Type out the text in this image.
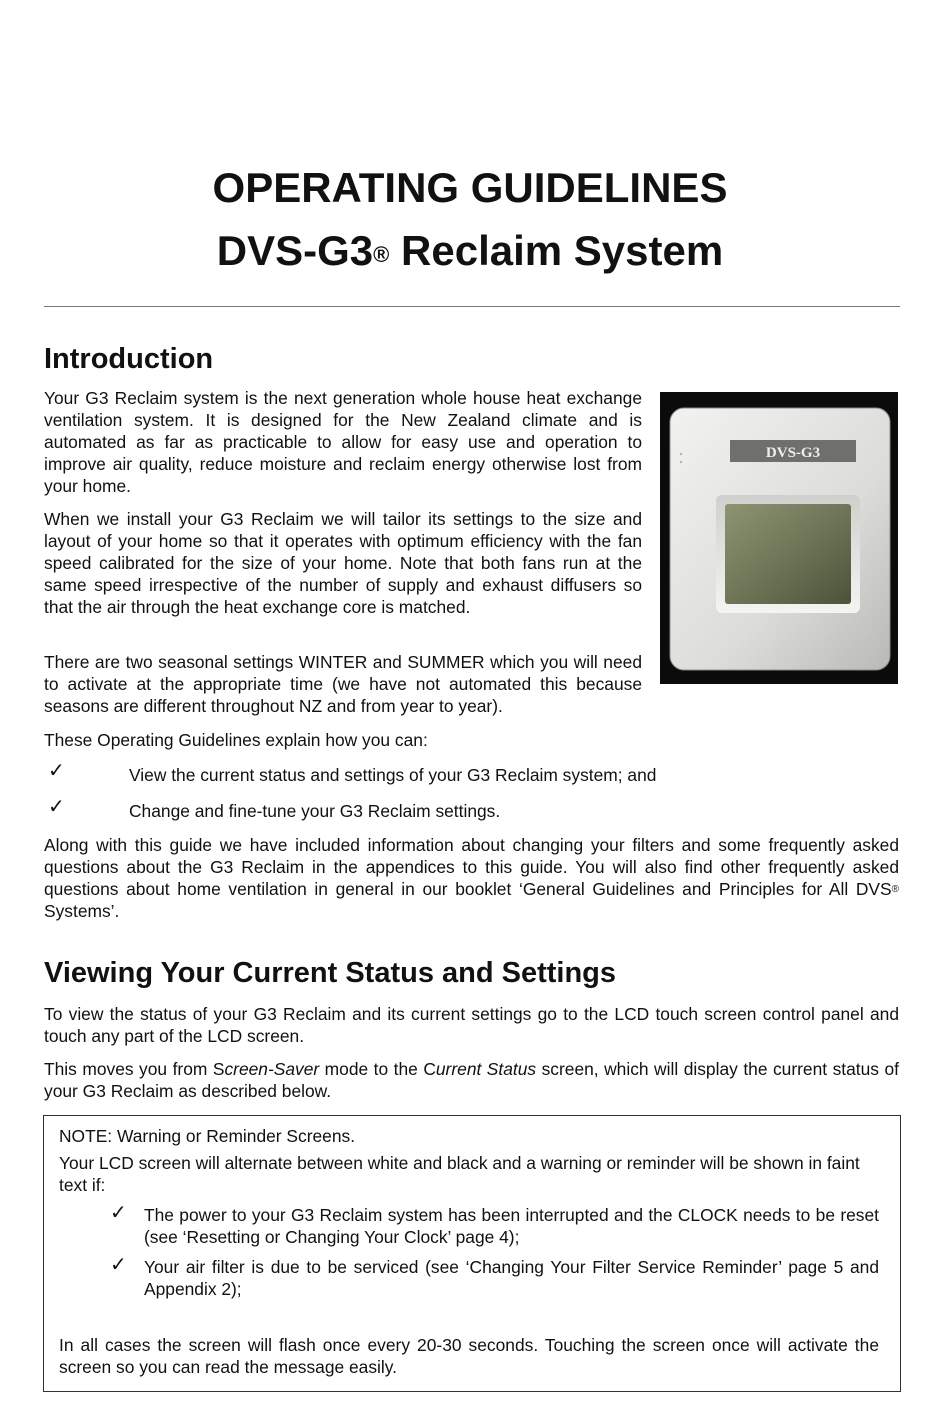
OPERATING GUIDELINES
DVS-G3® Reclaim System
Introduction

Your G3 Reclaim system is the next generation whole house heat exchange ventilation system. It is designed for the New Zealand climate and is automated as far as practicable to allow for easy use and operation to improve air quality, reduce moisture and reclaim energy otherwise lost from your home.

When we install your G3 Reclaim we will tailor its settings to the size and layout of your home so that it operates with optimum efficiency with the fan speed calibrated for the size of your home. Note that both fans run at the same speed irrespective of the number of supply and exhaust diffusers so that the air through the heat exchange core is matched.

There are two seasonal settings WINTER and SUMMER which you will need to activate at the appropriate time (we have not automated this because seasons are different throughout NZ and from year to year).

These Operating Guidelines explain how you can:

✓	View the current status and settings of your G3 Reclaim system; and
✓	Change and fine-tune your G3 Reclaim settings.

Along with this guide we have included information about changing your filters and some frequently asked questions about the G3 Reclaim in the appendices to this guide. You will also find other frequently asked questions about home ventilation in general in our booklet ‘General Guidelines and Principles for All DVS® Systems’.

DVS-G3
Viewing Your Current Status and Settings

To view the status of your G3 Reclaim and its current settings go to the LCD touch screen control panel and touch any part of the LCD screen.

This moves you from Screen-Saver mode to the Current Status screen, which will display the current status of your G3 Reclaim as described below.

NOTE: Warning or Reminder Screens.

Your LCD screen will alternate between white and black and a warning or reminder will be shown in faint text if:

✓ The power to your G3 Reclaim system has been interrupted and the CLOCK needs to be reset (see ‘Resetting or Changing Your Clock’ page 4);

✓ Your air filter is due to be serviced (see ‘Changing Your Filter Service Reminder’ page 5 and Appendix 2);

In all cases the screen will flash once every 20-30 seconds. Touching the screen once will activate the screen so you can read the message easily.
